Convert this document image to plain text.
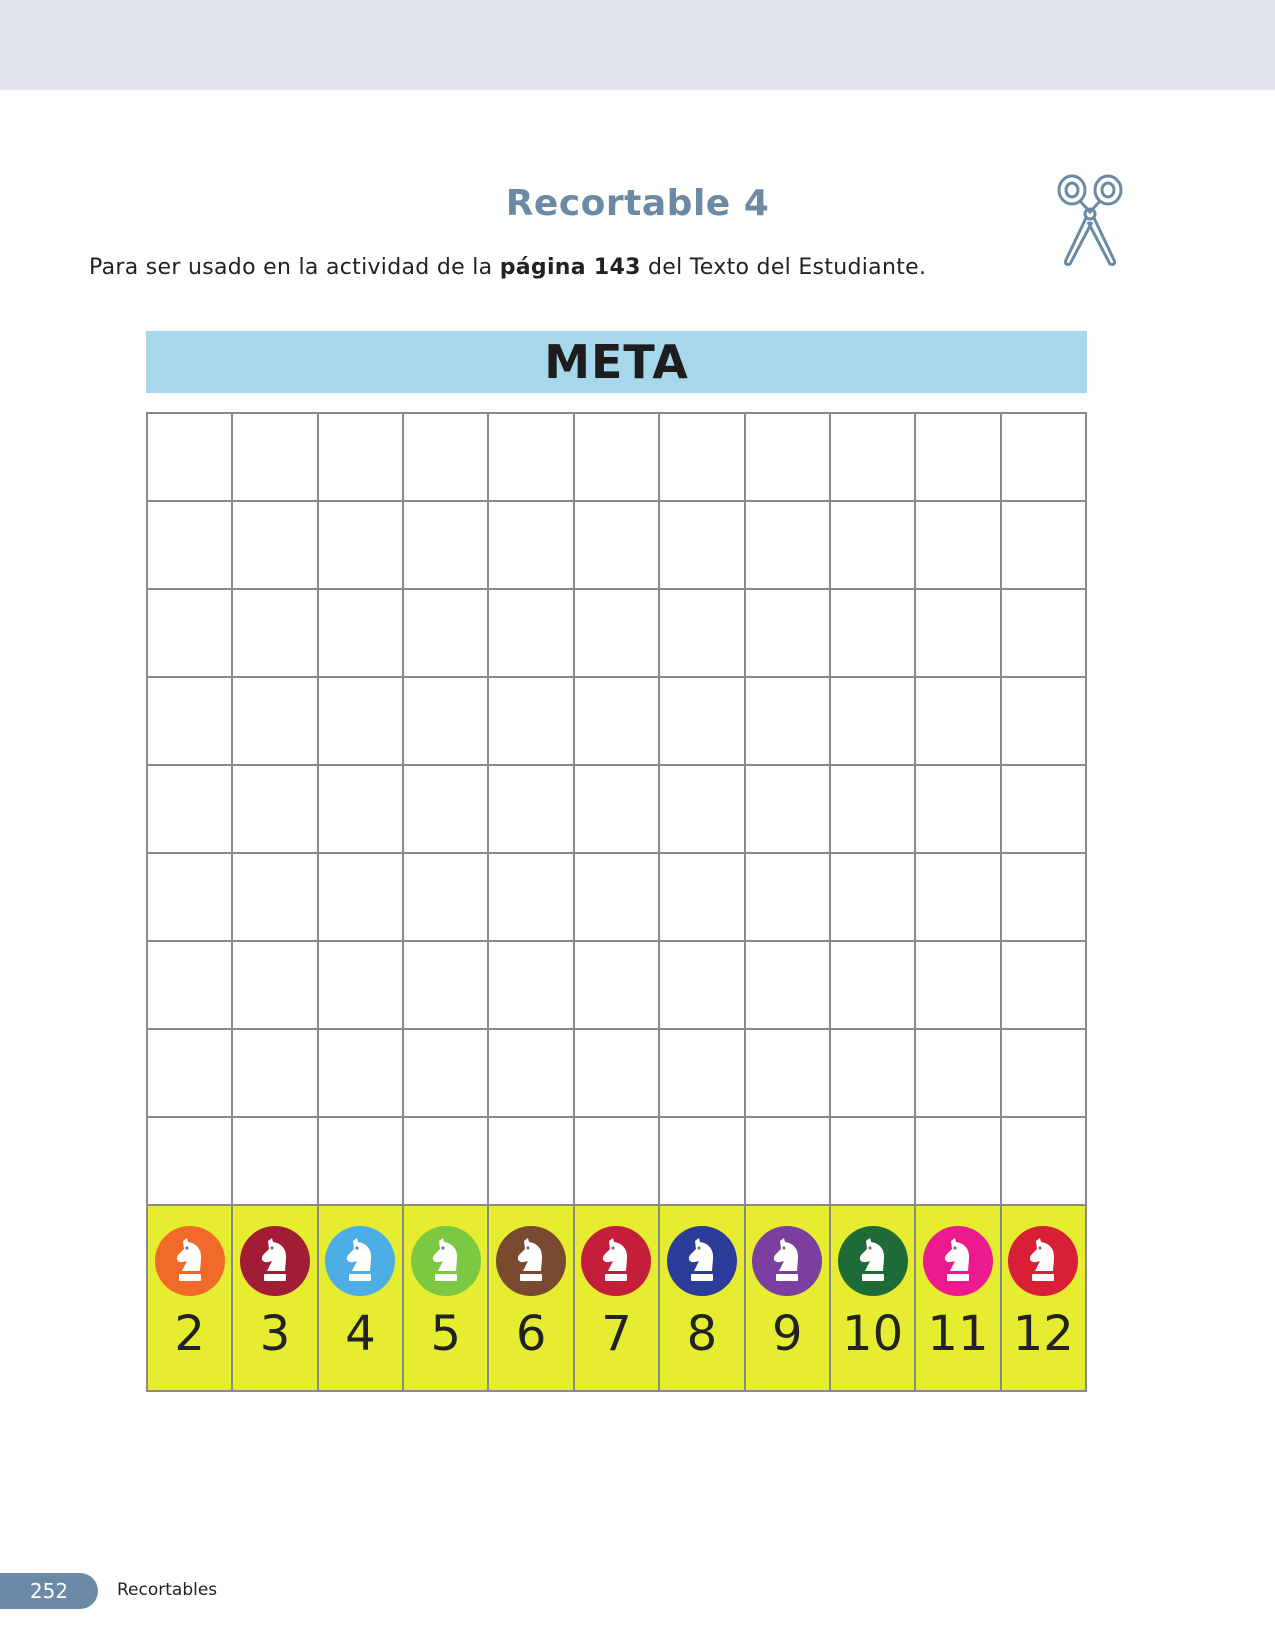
Recortable 4
Para ser usado en la actividad de la página 143 del Texto del Estudiante.
META
2	3	4	5	6	7	8	9 10 11 12
252	Recortables
